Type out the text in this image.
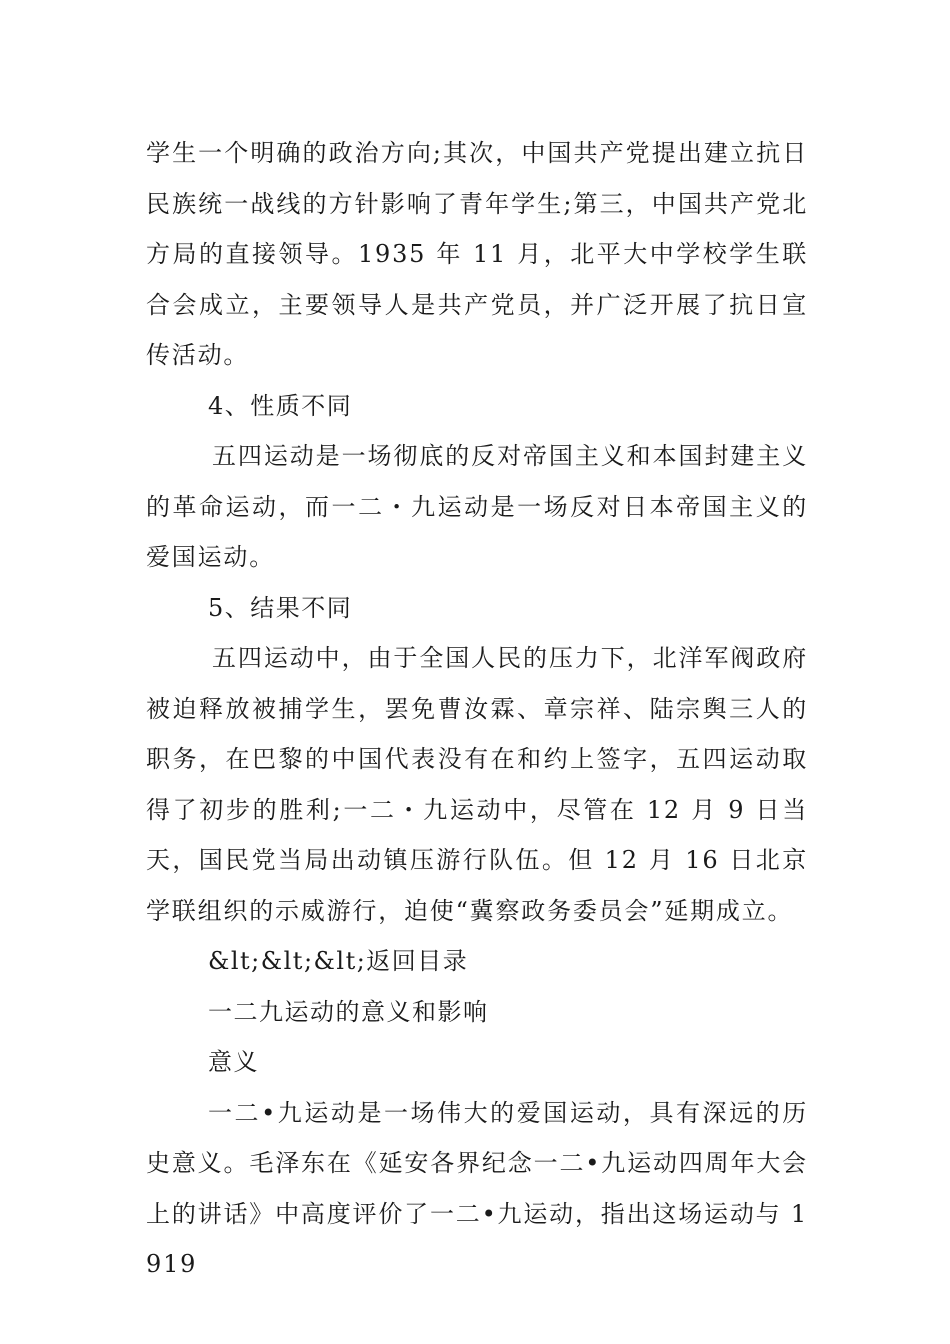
学生一个明确的政治方向;其次，中国共产党提出建立抗日民族统一战线的方针影响了青年学生;第三，中国共产党北方局的直接领导。1935 年 11 月，北平大中学校学生联合会成立，主要领导人是共产党员，并广泛开展了抗日宣传活动。

4、性质不同

五四运动是一场彻底的反对帝国主义和本国封建主义的革命运动，而一二・九运动是一场反对日本帝国主义的爱国运动。

5、结果不同

五四运动中，由于全国人民的压力下，北洋军阀政府被迫释放被捕学生，罢免曹汝霖、章宗祥、陆宗舆三人的职务，在巴黎的中国代表没有在和约上签字，五四运动取得了初步的胜利;一二・九运动中，尽管在 12 月 9 日当天，国民党当局出动镇压游行队伍。但 12 月 16 日北京学联组织的示威游行，迫使“冀察政务委员会”延期成立。

&lt;&lt;&lt;返回目录

一二九运动的意义和影响

意义

一二•九运动是一场伟大的爱国运动，具有深远的历史意义。毛泽东在《延安各界纪念一二•九运动四周年大会上的讲话》中高度评价了一二•九运动，指出这场运动与 1919
